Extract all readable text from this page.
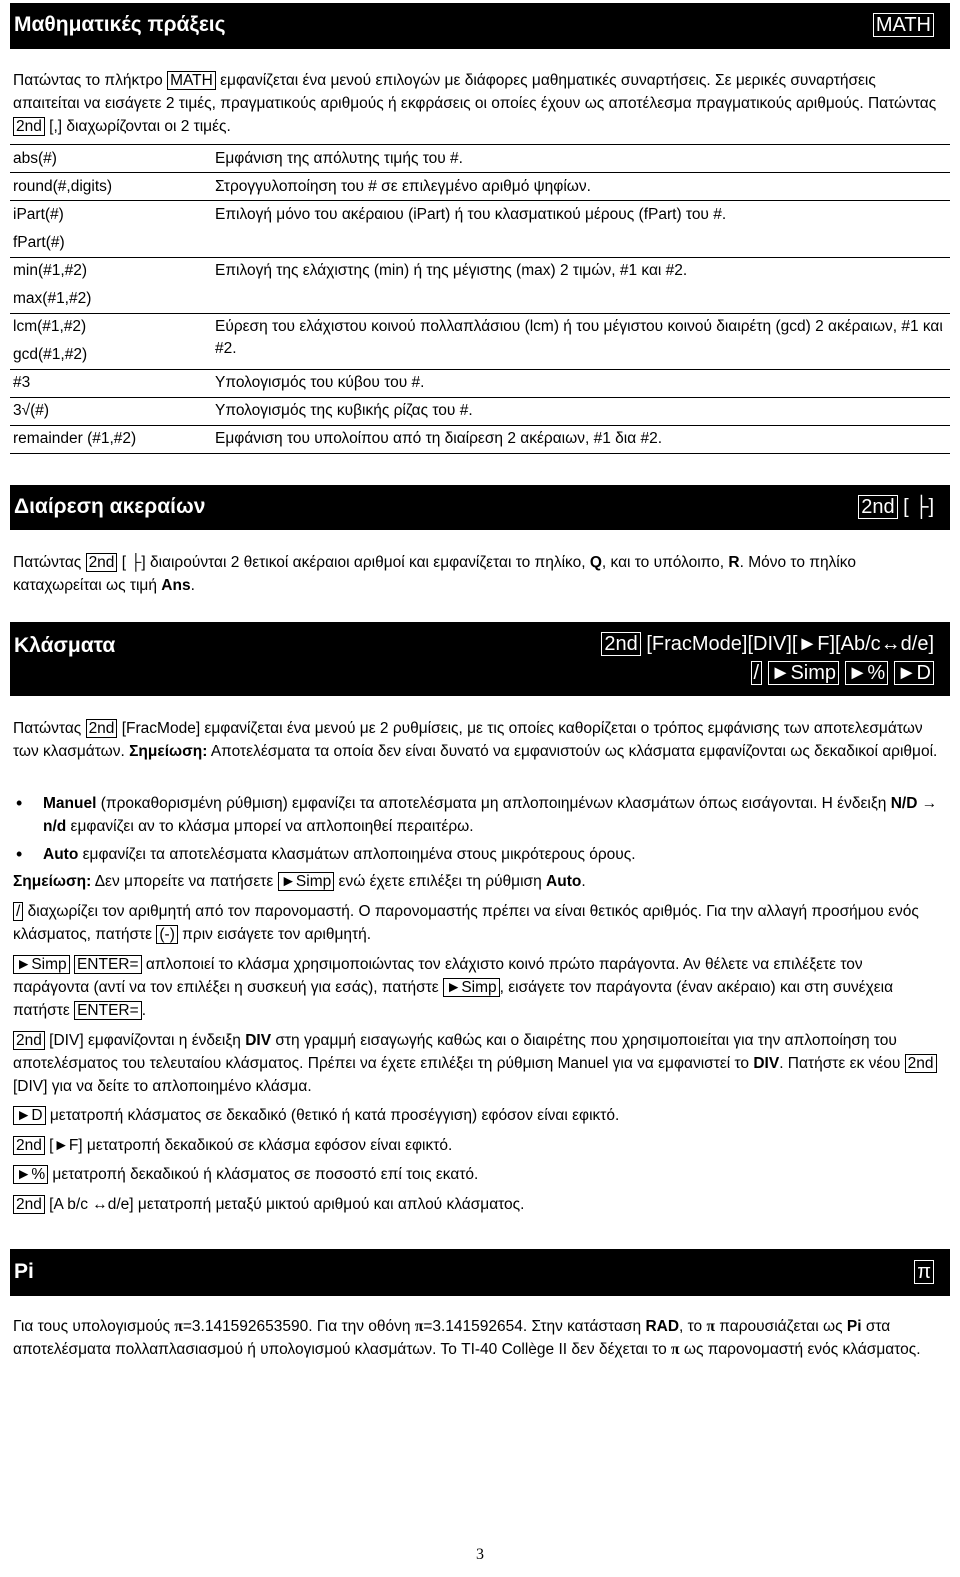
Μαθηματικές πράξεις	MATH

Πατώντας το πλήκτρο MATH εμφανίζεται ένα μενού επιλογών με διάφορες μαθηματικές συναρτήσεις. Σε μερικές συναρτήσεις απαιτείται να εισάγετε 2 τιμές, πραγματικούς αριθμούς ή εκφράσεις οι οποίες έχουν ως αποτέλεσμα πραγματικούς αριθμούς. Πατώντας 2nd [,] διαχωρίζονται οι 2 τιμές.

abs(#)	Εμφάνιση της απόλυτης τιμής του #.
round(#,digits)	Στρογγυλοποίηση του # σε επιλεγμένο αριθμό ψηφίων.
iPart(#)	Επιλογή μόνο του ακέραιου (iPart) ή του κλασματικού μέρους (fPart) του #.
fPart(#)
min(#1,#2)	Επιλογή της ελάχιστης (min) ή της μέγιστης (max) 2 τιμών, #1 και #2.
max(#1,#2)
lcm(#1,#2)	Εύρεση του ελάχιστου κοινού πολλαπλάσιου (lcm) ή του μέγιστου κοινού διαιρέτη (gcd) 2 ακέραιων, #1 και #2.
gcd(#1,#2)
#3	Υπολογισμός του κύβου του #.
3√(#)	Υπολογισμός της κυβικής ρίζας του #.
remainder (#1,#2)	Εμφάνιση του υπολοίπου από τη διαίρεση 2 ακέραιων, #1 δια #2.
Διαίρεση ακεραίων	2nd [ ├]

Πατώντας 2nd [ ├] διαιρούνται 2 θετικοί ακέραιοι αριθμοί και εμφανίζεται το πηλίκο, Q, και το υπόλοιπο, R. Μόνο το πηλίκο καταχωρείται ως τιμή Ans.

Κλάσματα	2nd [FracMode][DIV][►F][Ab/c↔d/e]
/ ►Simp ►% ►D

Πατώντας 2nd [FracMode] εμφανίζεται ένα μενού με 2 ρυθμίσεις, με τις οποίες καθορίζεται ο τρόπος εμφάνισης των αποτελεσμάτων των κλασμάτων. Σημείωση: Αποτελέσματα τα οποία δεν είναι δυνατό να εμφανιστούν ως κλάσματα εμφανίζονται ως δεκαδικοί αριθμοί.

• Manuel (προκαθορισμένη ρύθμιση) εμφανίζει τα αποτελέσματα μη απλοποιημένων κλασμάτων όπως εισάγονται. Η ένδειξη N/D → n/d εμφανίζει αν το κλάσμα μπορεί να απλοποιηθεί περαιτέρω.
• Auto εμφανίζει τα αποτελέσματα κλασμάτων απλοποιημένα στους μικρότερους όρους.

Σημείωση: Δεν μπορείτε να πατήσετε ►Simp ενώ έχετε επιλέξει τη ρύθμιση Auto.

/ διαχωρίζει τον αριθμητή από τον παρονομαστή. Ο παρονομαστής πρέπει να είναι θετικός αριθμός. Για την αλλαγή προσήμου ενός κλάσματος, πατήστε (-) πριν εισάγετε τον αριθμητή.

►Simp ENTER= απλοποιεί το κλάσμα χρησιμοποιώντας τον ελάχιστο κοινό πρώτο παράγοντα. Αν θέλετε να επιλέξετε τον παράγοντα (αντί να τον επιλέξει η συσκευή για εσάς), πατήστε ►Simp , εισάγετε τον παράγοντα (έναν ακέραιο) και στη συνέχεια πατήστε ENTER= .

2nd [DIV] εμφανίζονται η ένδειξη DIV στη γραμμή εισαγωγής καθώς και ο διαιρέτης που χρησιμοποιείται για την απλοποίηση του αποτελέσματος του τελευταίου κλάσματος. Πρέπει να έχετε επιλέξει τη ρύθμιση Manuel για να εμφανιστεί το DIV. Πατήστε εκ νέου 2nd [DIV] για να δείτε το απλοποιημένο κλάσμα.

►D μετατροπή κλάσματος σε δεκαδικό (θετικό ή κατά προσέγγιση) εφόσον είναι εφικτό.

2nd [►F] μετατροπή δεκαδικού σε κλάσμα εφόσον είναι εφικτό.

►% μετατροπή δεκαδικού ή κλάσματος σε ποσοστό επί τοις εκατό.

2nd [A b/c ↔d/e] μετατροπή μεταξύ μικτού αριθμού και απλού κλάσματος.

Pi	π

Για τους υπολογισμούς π=3.141592653590. Για την οθόνη π=3.141592654. Στην κατάσταση RAD, το π παρουσιάζεται ως Pi στα αποτελέσματα πολλαπλασιασμού ή υπολογισμού κλασμάτων. Το TI-40 Collège II δεν δέχεται το π ως παρονομαστή ενός κλάσματος.

3
